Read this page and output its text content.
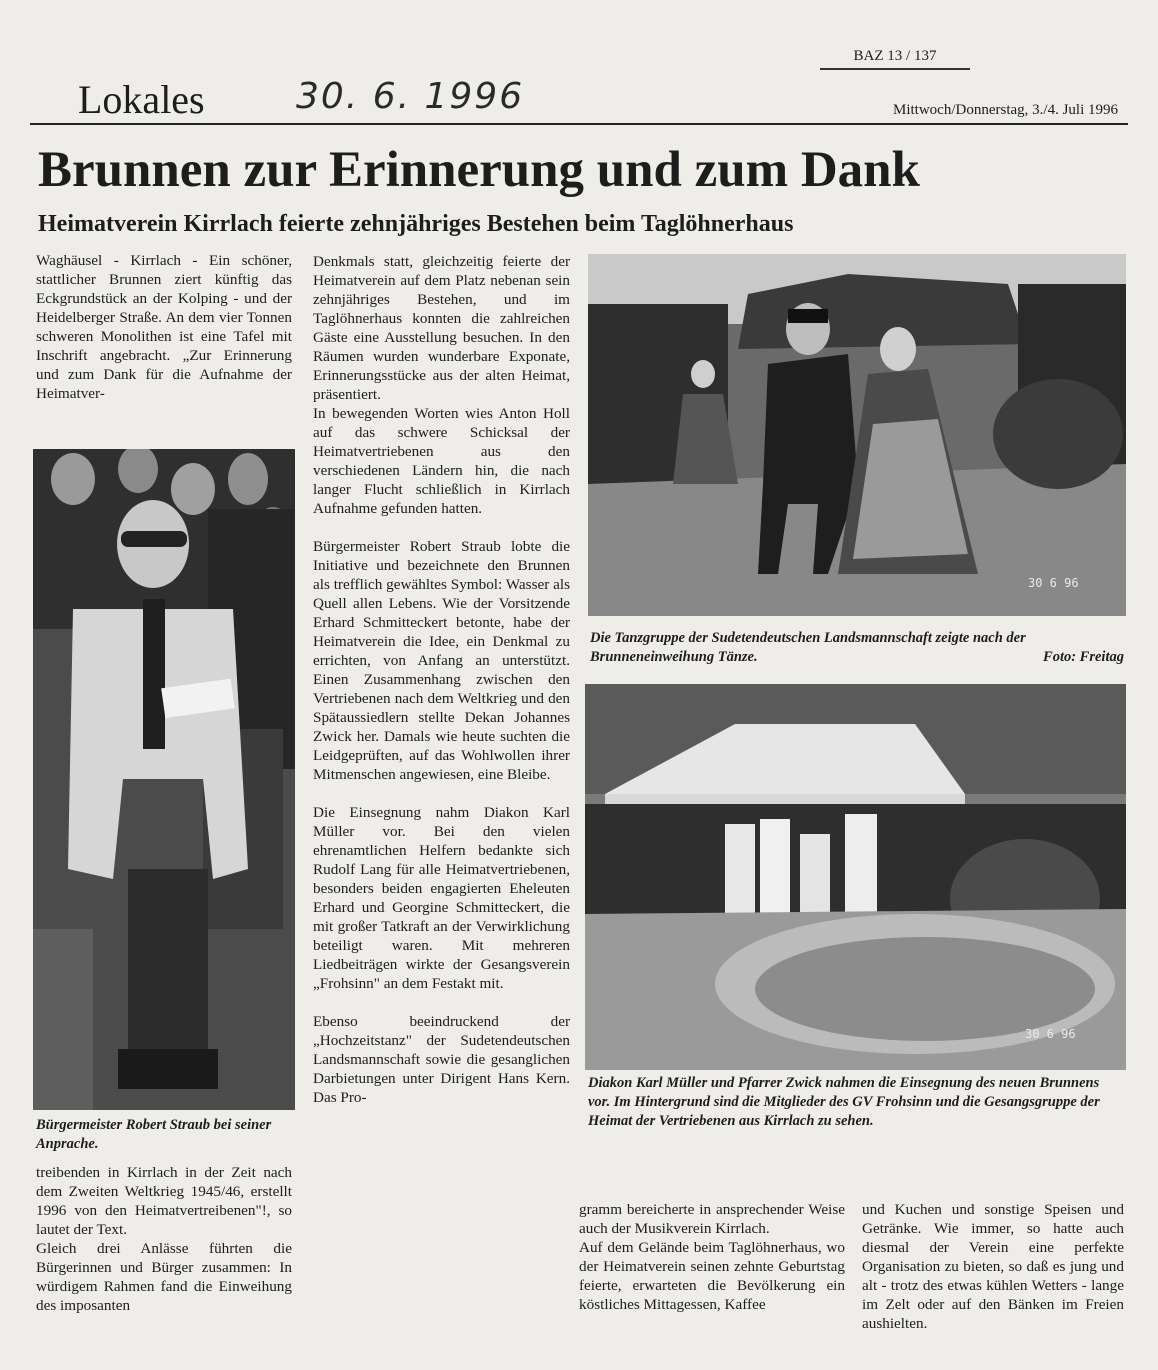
BAZ 13 / 137
Lokales	30. 6. 1996	Mittwoch/Donnerstag, 3./4. Juli 1996
Brunnen zur Erinnerung und zum Dank
Heimatverein Kirrlach feierte zehnjähriges Bestehen beim Taglöhnerhaus

Waghäusel - Kirrlach - Ein schöner, stattlicher Brunnen ziert künftig das Eckgrundstück an der Kolping - und der Heidelberger Straße. An dem vier Tonnen schweren Monolithen ist eine Tafel mit Inschrift angebracht. „Zur Erinnerung und zum Dank für die Aufnahme der Heimatver-

Bürgermeister Robert Straub bei seiner Anprache.

treibenden in Kirrlach in der Zeit nach dem Zweiten Weltkrieg 1945/46, erstellt 1996 von den Heimatvertreibenen"!, so lautet der Text.

Gleich drei Anlässe führten die Bürgerinnen und Bürger zusammen: In würdigem Rahmen fand die Einweihung des imposanten

Denkmals statt, gleichzeitig feierte der Heimatverein auf dem Platz nebenan sein zehnjähriges Bestehen, und im Taglöhnerhaus konnten die zahlreichen Gäste eine Ausstellung besuchen. In den Räumen wurden wunderbare Exponate, Erinnerungsstücke aus der alten Heimat, präsentiert.

In bewegenden Worten wies Anton Holl auf das schwere Schicksal der Heimatvertriebenen aus den verschiedenen Ländern hin, die nach langer Flucht schließlich in Kirrlach Aufnahme gefunden hatten.

Bürgermeister Robert Straub lobte die Initiative und bezeichnete den Brunnen als trefflich gewähltes Symbol: Wasser als Quell allen Lebens. Wie der Vorsitzende Erhard Schmitteckert betonte, habe der Heimatverein die Idee, ein Denkmal zu errichten, von Anfang an unterstützt. Einen Zusammenhang zwischen den Vertriebenen nach dem Weltkrieg und den Spätaussiedlern stellte Dekan Johannes Zwick her. Damals wie heute suchten die Leidgeprüften, auf das Wohlwollen ihrer Mitmenschen angewiesen, eine Bleibe.

Die Einsegnung nahm Diakon Karl Müller vor. Bei den vielen ehrenamtlichen Helfern bedankte sich Rudolf Lang für alle Heimatvertriebenen, besonders beiden engagierten Eheleuten Erhard und Georgine Schmitteckert, die mit großer Tatkraft an der Verwirklichung beteiligt waren. Mit mehreren Liedbeiträgen wirkte der Gesangsverein „Frohsinn" an dem Festakt mit.

Ebenso beeindruckend der „Hochzeitstanz" der Sudetendeutschen Landsmannschaft sowie die gesanglichen Darbietungen unter Dirigent Hans Kern. Das Pro-

30 6 96
Die Tanzgruppe der Sudetendeutschen Landsmannschaft zeigte nach der Brunneneinweihung Tänze.	Foto: Freitag
30 6 96
Diakon Karl Müller und Pfarrer Zwick nahmen die Einsegnung des neuen Brunnens vor. Im Hintergrund sind die Mitglieder des GV Frohsinn und die Gesangsgruppe der Heimat der Vertriebenen aus Kirrlach zu sehen.

gramm bereicherte in ansprechender Weise auch der Musikverein Kirrlach.

Auf dem Gelände beim Taglöhnerhaus, wo der Heimatverein seinen zehnte Geburtstag feierte, erwarteten die Bevölkerung ein köstliches Mittagessen, Kaffee

und Kuchen und sonstige Speisen und Getränke. Wie immer, so hatte auch diesmal der Verein eine perfekte Organisation zu bieten, so daß es jung und alt - trotz des etwas kühlen Wetters - lange im Zelt oder auf den Bänken im Freien aushielten.
